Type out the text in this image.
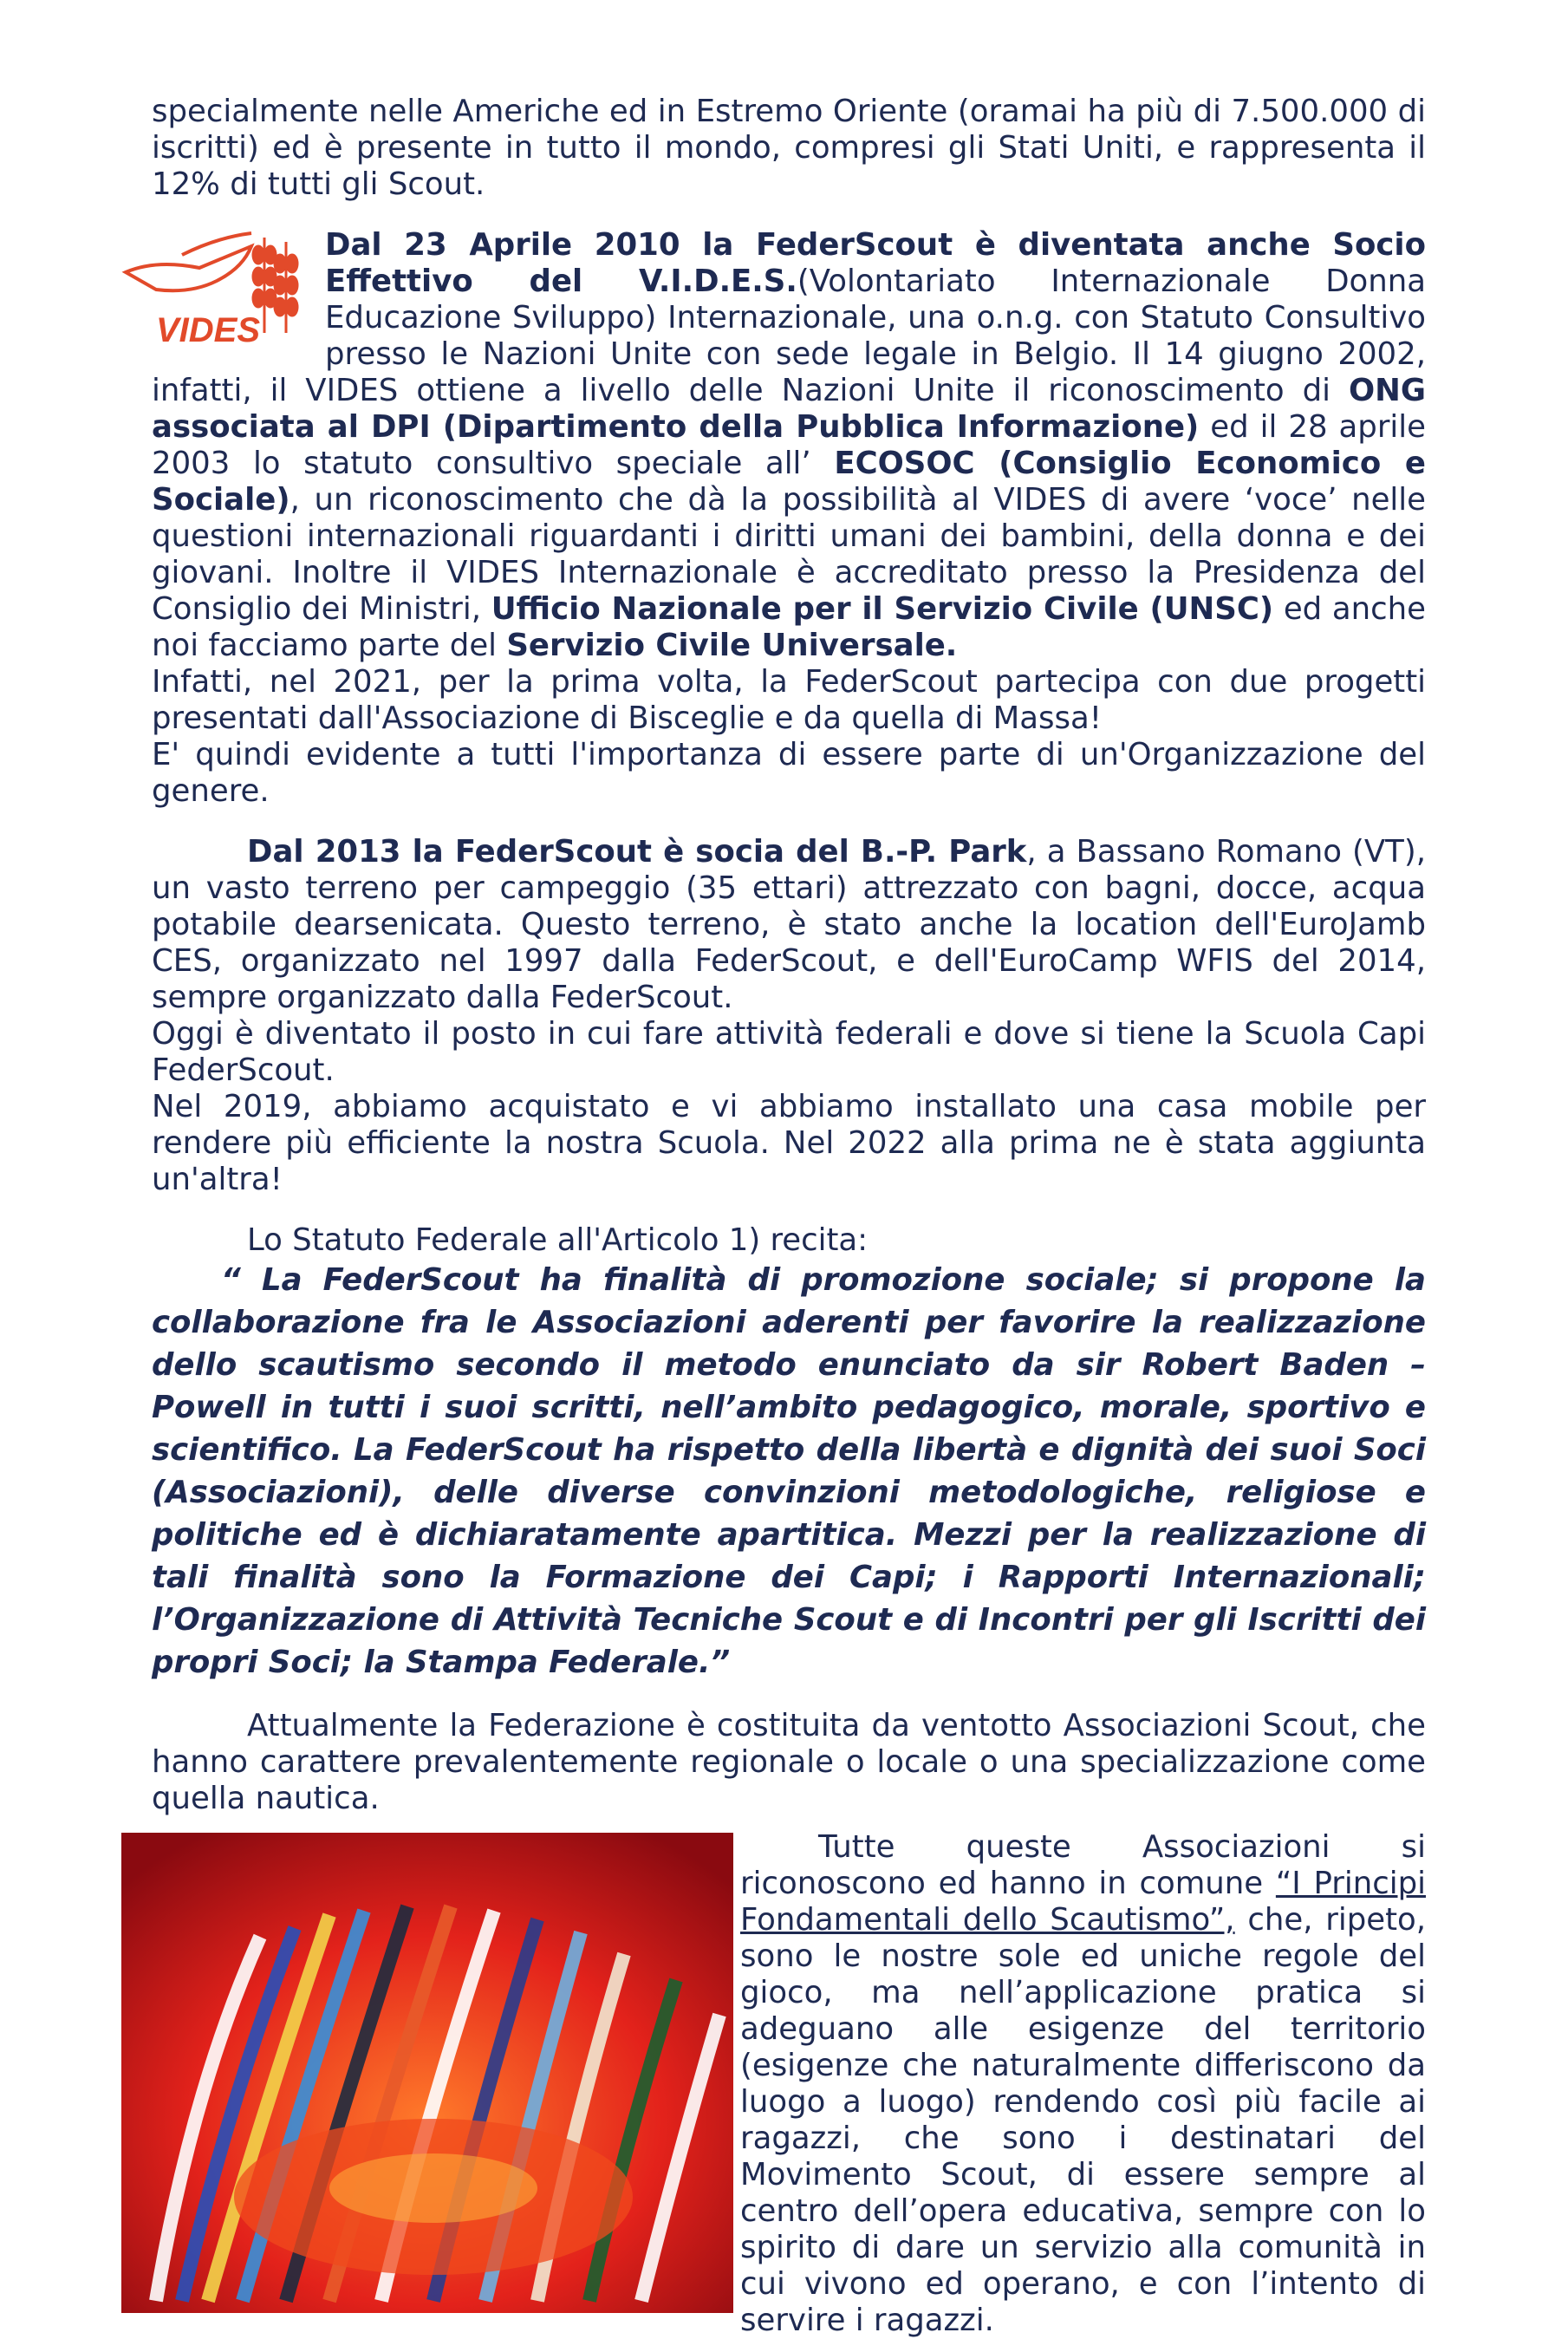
specialmente nelle Americhe ed in Estremo Oriente (oramai ha più di 7.500.000 di iscritti) ed è presente in tutto il mondo, compresi gli Stati Uniti, e rappresenta il 12% di tutti gli Scout.

VIDES
Dal 23 Aprile 2010 la FederScout è diventata anche Socio Effettivo del V.I.D.E.S.(Volontariato Internazionale Donna Educazione Sviluppo) Internazionale, una o.n.g. con Statuto Consultivo presso le Nazioni Unite con sede legale in Belgio. Il 14 giugno 2002, infatti, il VIDES ottiene a livello delle Nazioni Unite il riconoscimento di ONG associata al DPI (Dipartimento della Pubblica Informazione) ed il 28 aprile 2003 lo statuto consultivo speciale all’ ECOSOC (Consiglio Economico e Sociale), un riconoscimento che dà la possibilità al VIDES di avere ‘voce’ nelle questioni internazionali riguardanti i diritti umani dei bambini, della donna e dei giovani. Inoltre il VIDES Internazionale è accreditato presso la Presidenza del Consiglio dei Ministri, Ufficio Nazionale per il Servizio Civile (UNSC) ed anche noi facciamo parte del Servizio Civile Universale.

Infatti, nel 2021, per la prima volta, la FederScout partecipa con due progetti presentati dall'Associazione di Bisceglie e da quella di Massa!

E' quindi evidente a tutti l'importanza di essere parte di un'Organizzazione del genere.

Dal 2013 la FederScout è socia del B.-P. Park, a Bassano Romano (VT), un vasto terreno per campeggio (35 ettari) attrezzato con bagni, docce, acqua potabile dearsenicata. Questo terreno, è stato anche la location dell'EuroJamb CES, organizzato nel 1997 dalla FederScout, e dell'EuroCamp WFIS del 2014, sempre organizzato dalla FederScout.

Oggi è diventato il posto in cui fare attività federali e dove si tiene la Scuola Capi FederScout.

Nel 2019, abbiamo acquistato e vi abbiamo installato una casa mobile per rendere più efficiente la nostra Scuola. Nel 2022 alla prima ne è stata aggiunta un'altra!

Lo Statuto Federale all'Articolo 1) recita:

“ La FederScout ha finalità di promozione sociale; si propone la collaborazione fra le Associazioni aderenti per favorire la realizzazione dello scautismo secondo il metodo enunciato da sir Robert Baden – Powell in tutti i suoi scritti, nell’ambito pedagogico, morale, sportivo e scientifico. La FederScout ha rispetto della libertà e dignità dei suoi Soci (Associazioni), delle diverse convinzioni metodologiche, religiose e politiche ed è dichiaratamente apartitica. Mezzi per la realizzazione di tali finalità sono la Formazione dei Capi; i Rapporti Internazionali; l’Organizzazione di Attività Tecniche Scout e di Incontri per gli Iscritti dei propri Soci; la Stampa Federale.”

Attualmente la Federazione è costituita da ventotto Associazioni Scout, che hanno carattere prevalentemente regionale o locale o una specializzazione come quella nautica.

Tutte queste Associazioni si riconoscono ed hanno in comune “I Principi Fondamentali dello Scautismo”, che, ripeto, sono le nostre sole ed uniche regole del gioco, ma nell’applicazione pratica si adeguano alle esigenze del territorio (esigenze che naturalmente differiscono da luogo a luogo) rendendo così più facile ai ragazzi, che sono i destinatari del Movimento Scout, di essere sempre al centro dell’opera educativa, sempre con lo spirito di dare un servizio alla comunità in cui vivono ed operano, e con l’intento di servire i ragazzi.
